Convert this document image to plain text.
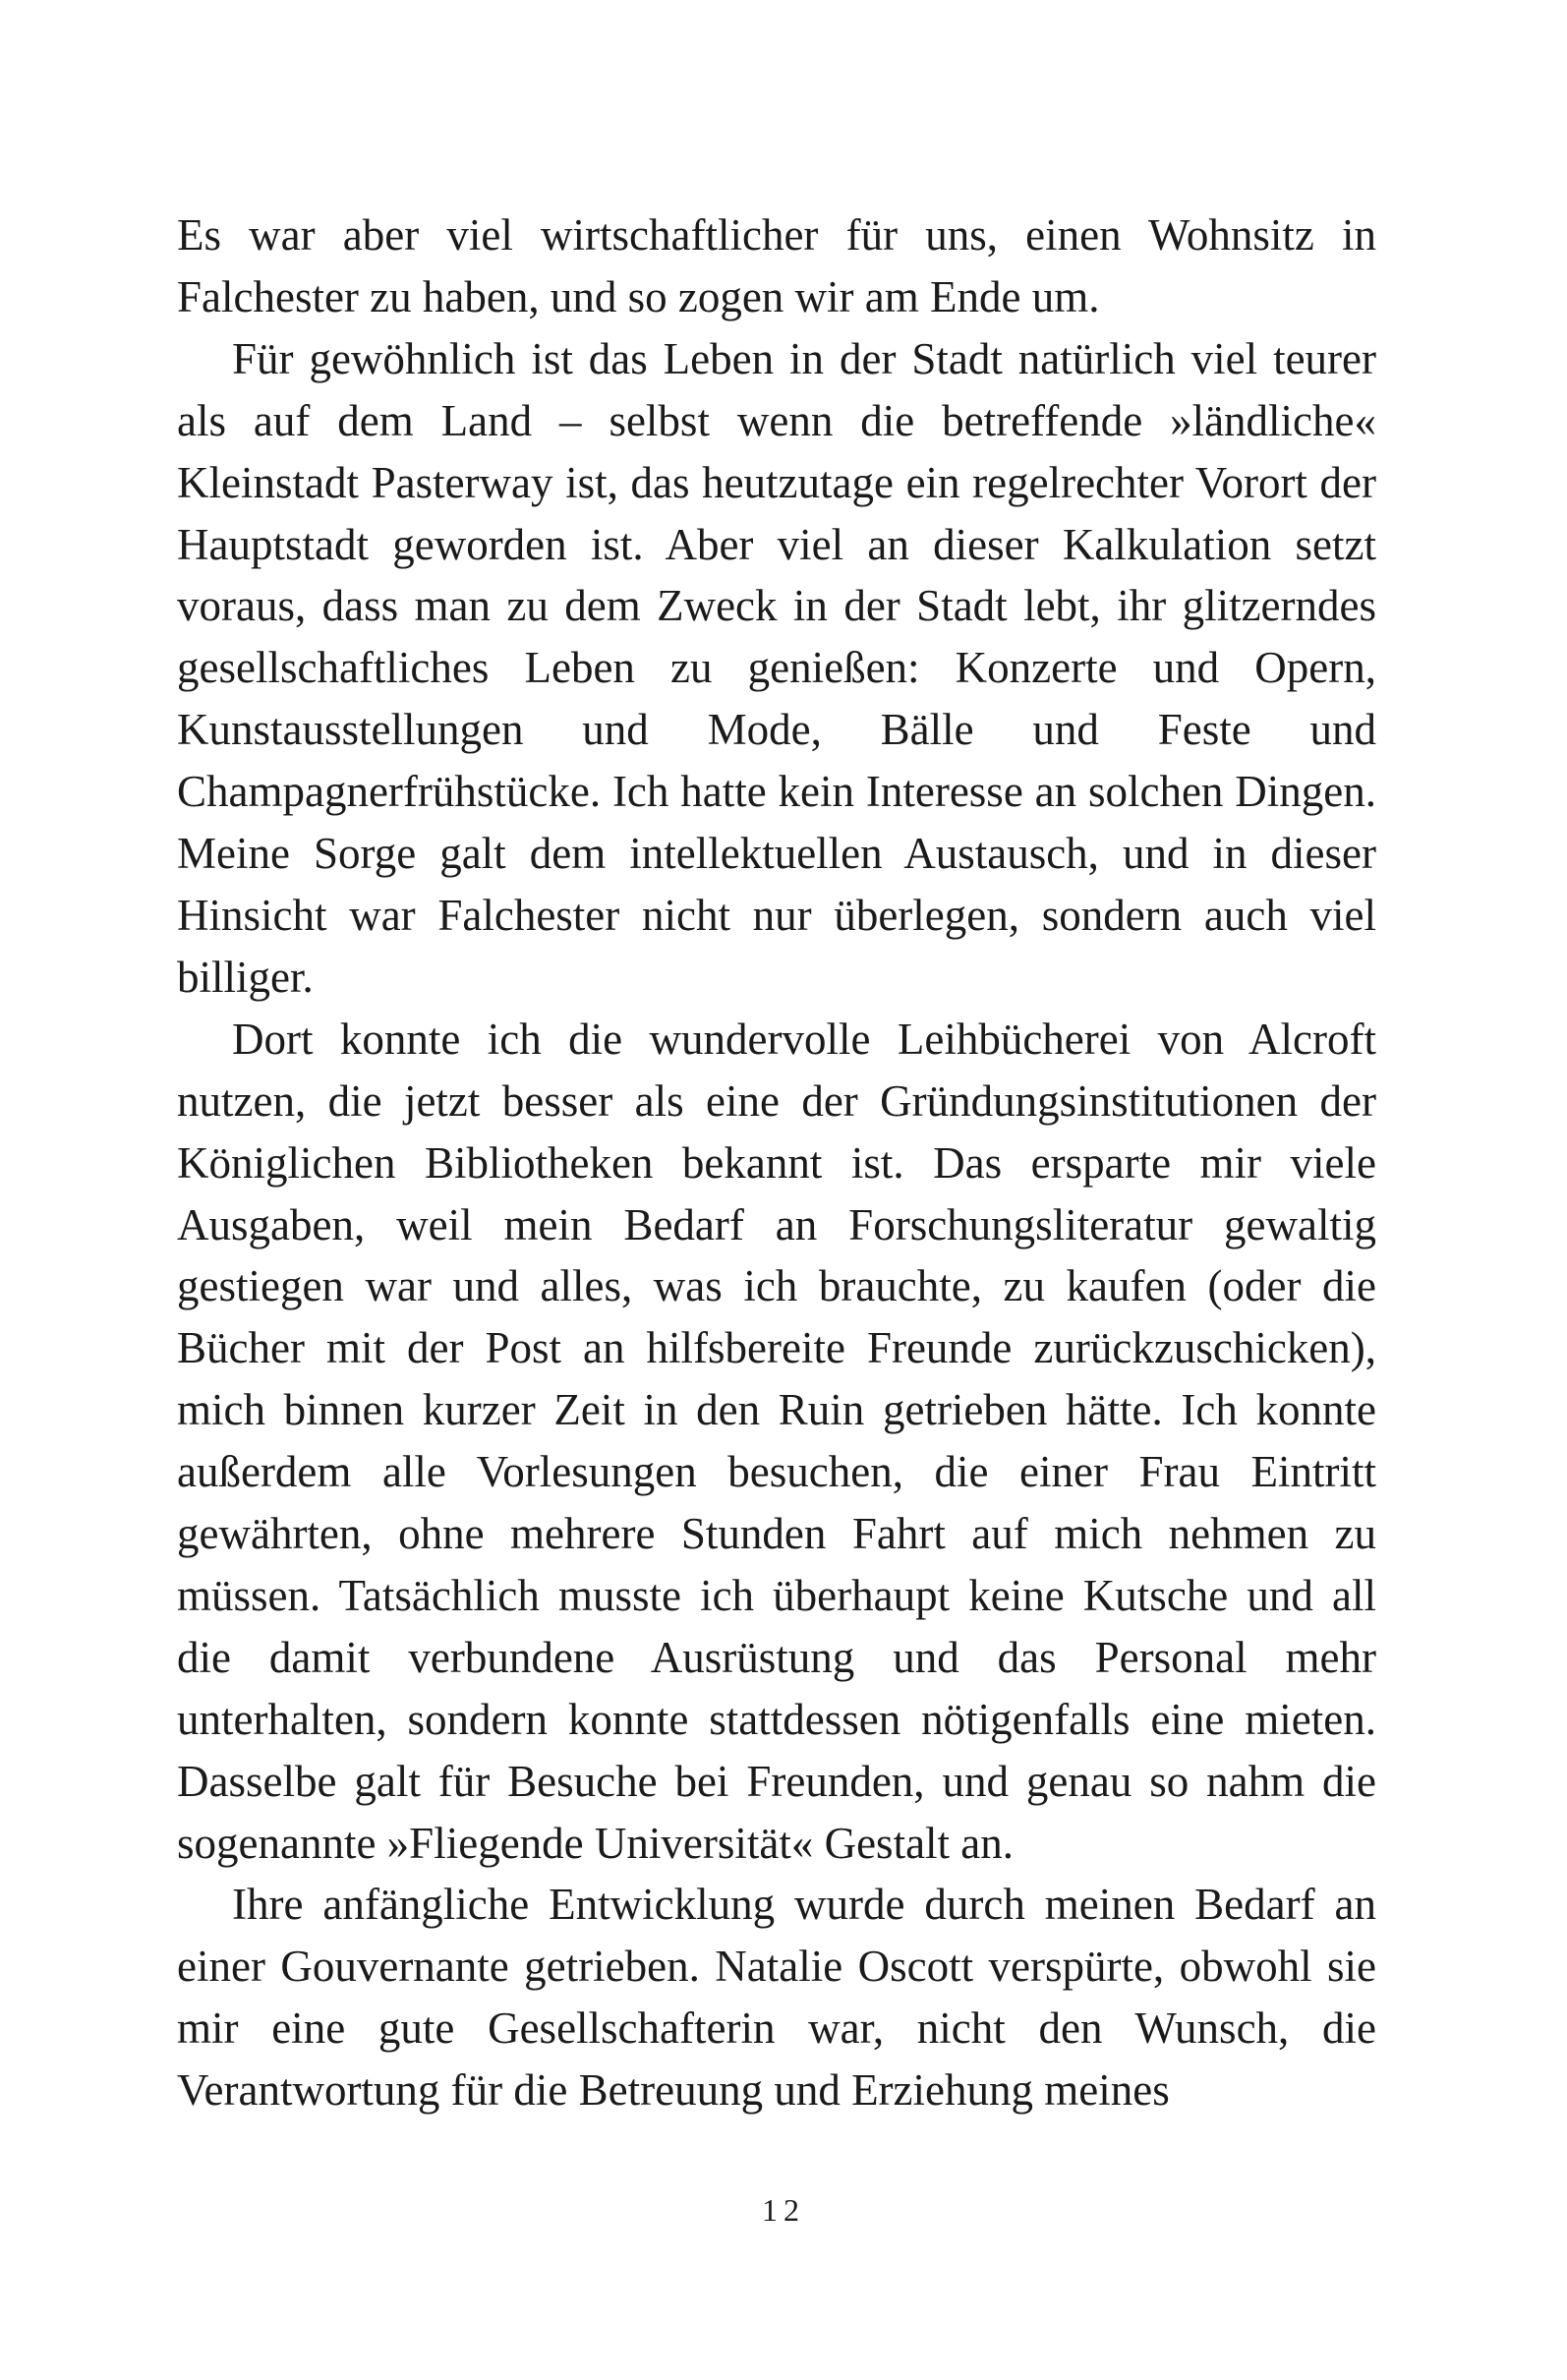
Es war aber viel wirtschaftlicher für uns, einen Wohnsitz in Falchester zu haben, und so zogen wir am Ende um.

Für gewöhnlich ist das Leben in der Stadt natürlich viel teurer als auf dem Land – selbst wenn die betreffende »ländliche« Kleinstadt Pasterway ist, das heutzutage ein regelrechter Vorort der Hauptstadt geworden ist. Aber viel an dieser Kalkulation setzt voraus, dass man zu dem Zweck in der Stadt lebt, ihr glitzerndes gesellschaftliches Leben zu genießen: Konzerte und Opern, Kunstausstellungen und Mode, Bälle und Feste und Champagnerfrühstücke. Ich hatte kein Interesse an solchen Dingen. Meine Sorge galt dem intellektuellen Austausch, und in dieser Hinsicht war Falchester nicht nur überlegen, sondern auch viel billiger.

Dort konnte ich die wundervolle Leihbücherei von Alcroft nutzen, die jetzt besser als eine der Gründungsinstitutionen der Königlichen Bibliotheken bekannt ist. Das ersparte mir viele Ausgaben, weil mein Bedarf an Forschungsliteratur gewaltig gestiegen war und alles, was ich brauchte, zu kaufen (oder die Bücher mit der Post an hilfsbereite Freunde zurückzuschicken), mich binnen kurzer Zeit in den Ruin getrieben hätte. Ich konnte außerdem alle Vorlesungen besuchen, die einer Frau Eintritt gewährten, ohne mehrere Stunden Fahrt auf mich nehmen zu müssen. Tatsächlich musste ich überhaupt keine Kutsche und all die damit verbundene Ausrüstung und das Personal mehr unterhalten, sondern konnte stattdessen nötigenfalls eine mieten. Dasselbe galt für Besuche bei Freunden, und genau so nahm die sogenannte »Fliegende Universität« Gestalt an.

Ihre anfängliche Entwicklung wurde durch meinen Bedarf an einer Gouvernante getrieben. Natalie Oscott verspürte, obwohl sie mir eine gute Gesellschafterin war, nicht den Wunsch, die Verantwortung für die Betreuung und Erziehung meines

12
